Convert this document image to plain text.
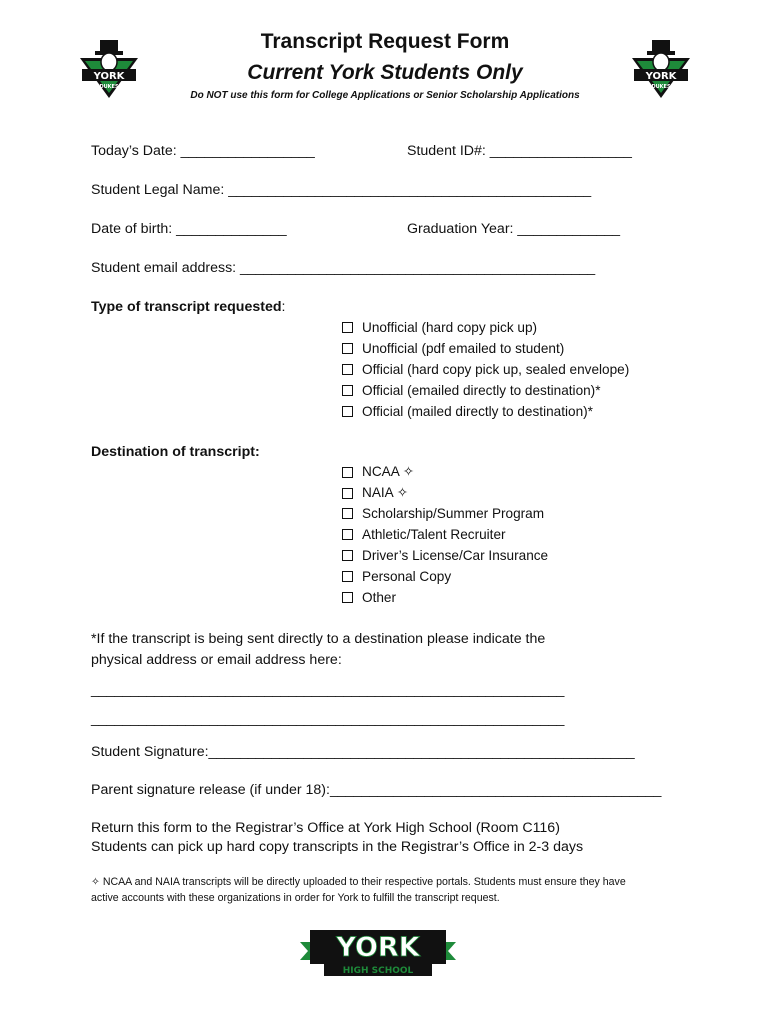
YORK
DUKES
YORK
DUKES
Transcript Request Form
Current York Students Only
Do NOT use this form for College Applications or Senior Scholarship Applications
Today’s Date: _________________	Student ID#: __________________
Student Legal Name: ______________________________________________
Date of birth: ______________	Graduation Year: _____________
Student email address: _____________________________________________
Type of transcript requested:
Unofficial (hard copy pick up)
Unofficial (pdf emailed to student)
Official (hard copy pick up, sealed envelope)
Official (emailed directly to destination)*
Official (mailed directly to destination)*
Destination of transcript:
NCAA ✧
NAIA ✧
Scholarship/Summer Program
Athletic/Talent Recruiter
Driver’s License/Car Insurance
Personal Copy
Other
*If the transcript is being sent directly to a destination please indicate the
physical address or email address here:
____________________________________________________________
____________________________________________________________
Student Signature:______________________________________________________
Parent signature release (if under 18):__________________________________________
Return this form to the Registrar’s Office at York High School (Room C116)
Students can pick up hard copy transcripts in the Registrar’s Office in 2-3 days
✧ NCAA and NAIA transcripts will be directly uploaded to their respective portals. Students must ensure they have
active accounts with these organizations in order for York to fulfill the transcript request.
YORK
HIGH SCHOOL
